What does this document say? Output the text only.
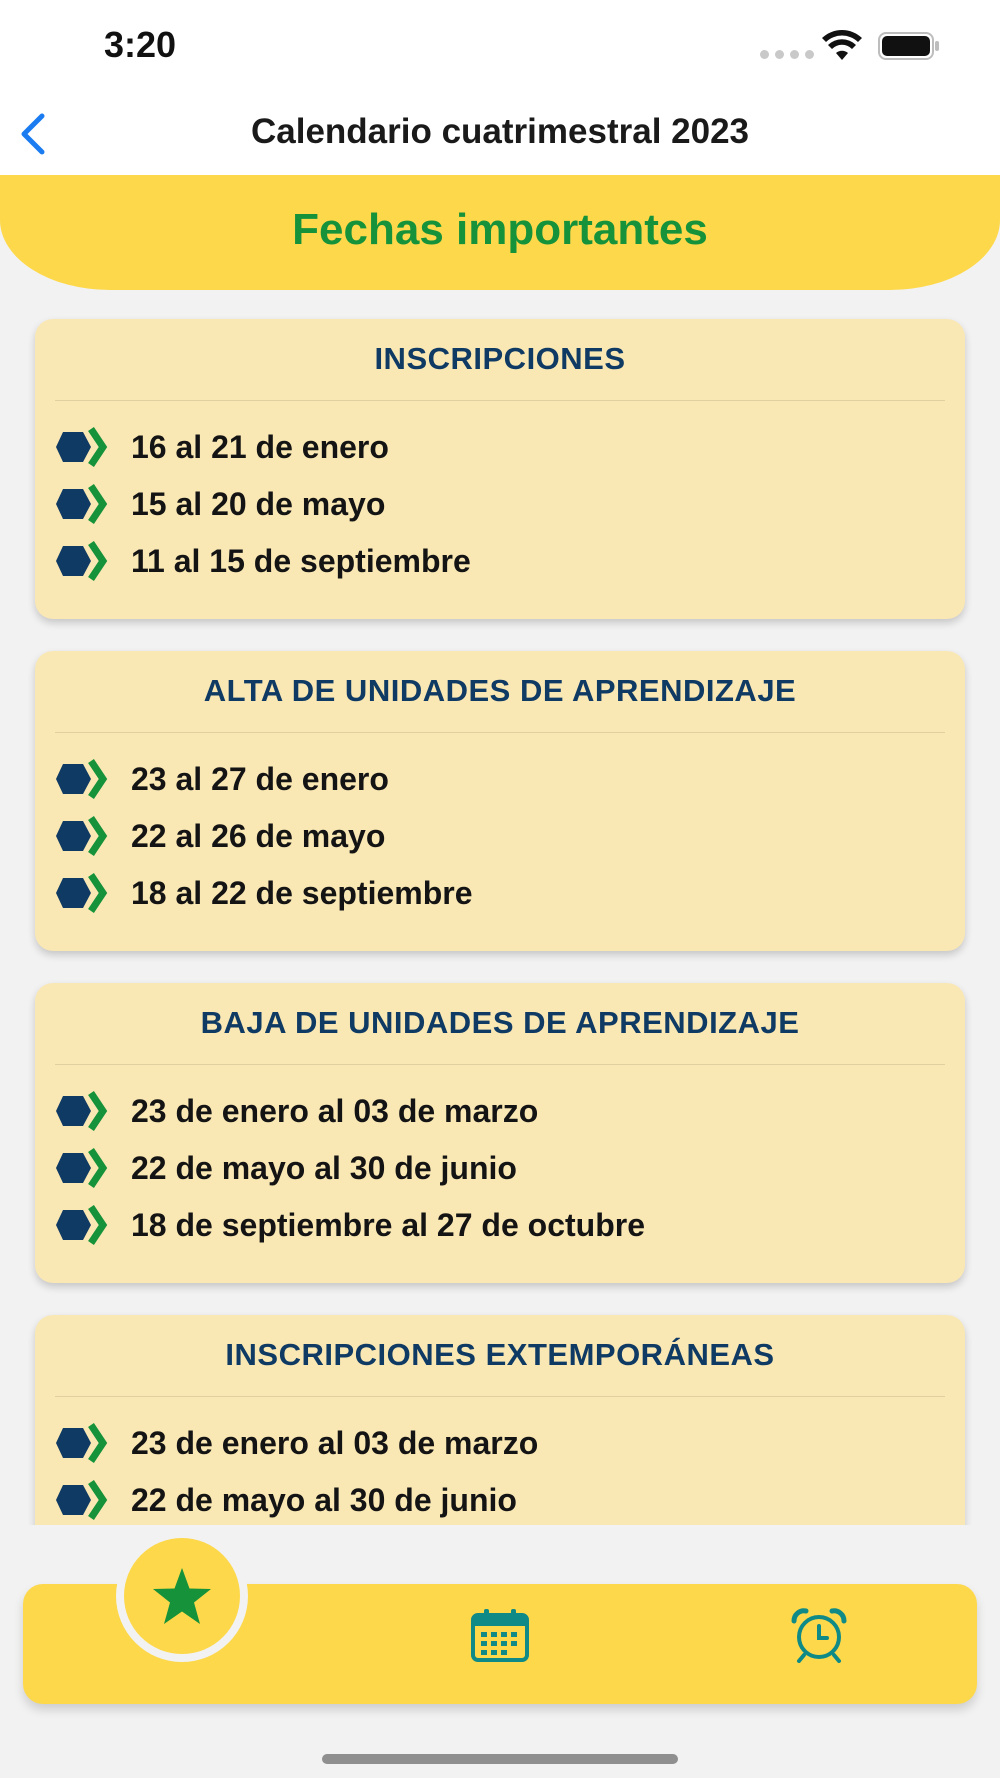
3:20
Calendario cuatrimestral 2023
Fechas importantes
INSCRIPCIONES
16 al 21 de enero
15 al 20 de mayo
11 al 15 de septiembre
ALTA DE UNIDADES DE APRENDIZAJE
23 al 27 de enero
22 al 26 de mayo
18 al 22 de septiembre
BAJA DE UNIDADES DE APRENDIZAJE
23 de enero al 03 de marzo
22 de mayo al 30 de junio
18 de septiembre al 27 de octubre
INSCRIPCIONES EXTEMPORÁNEAS
23 de enero al 03 de marzo
22 de mayo al 30 de junio
